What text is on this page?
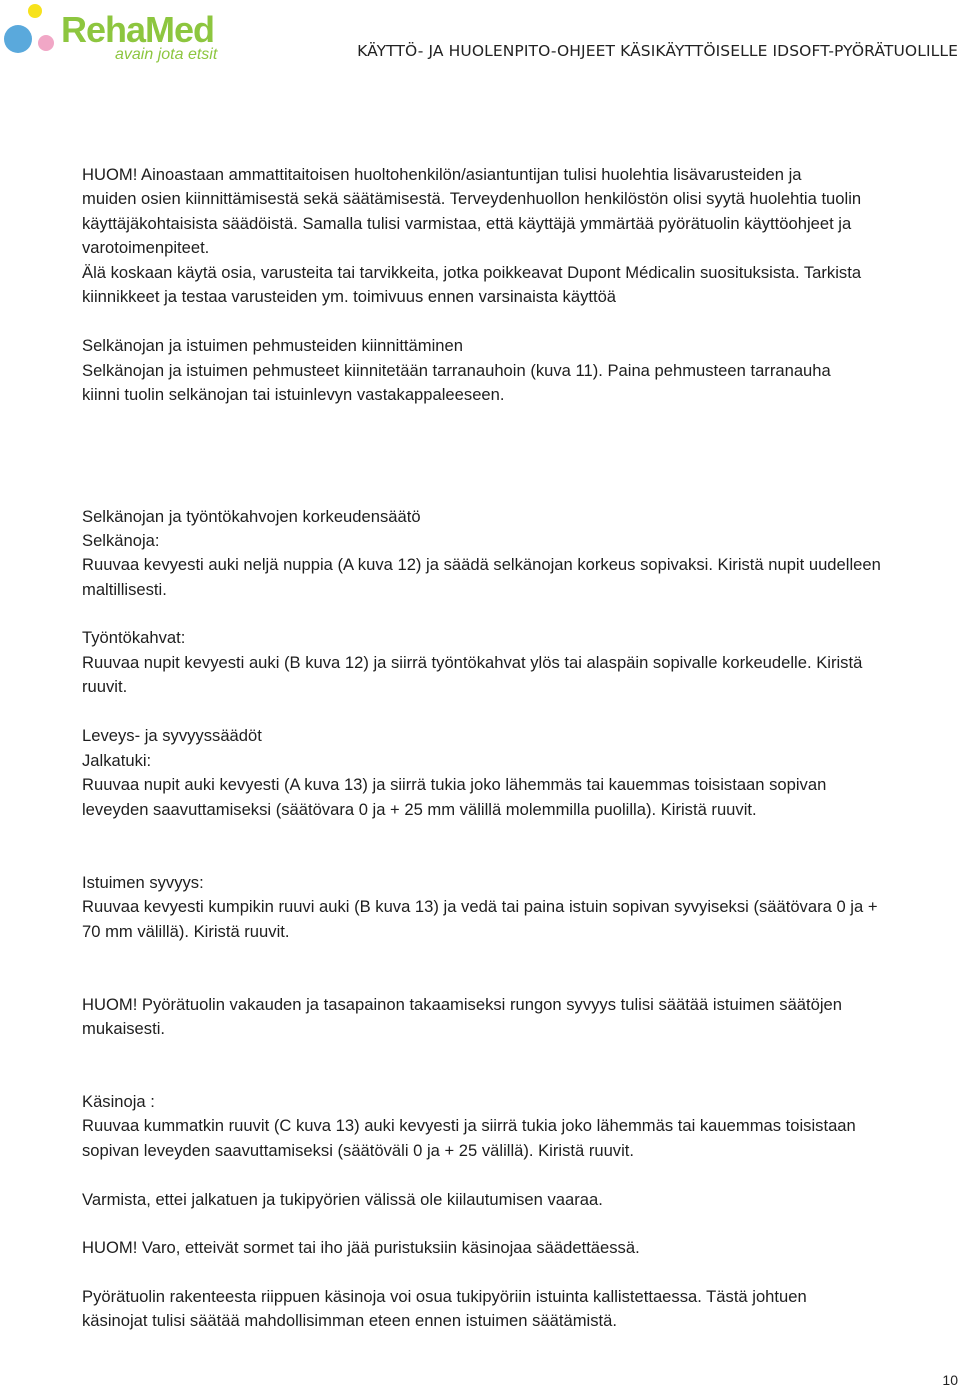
RehaMed
avain jota etsit	KÄYTTÖ- JA HUOLENPITO-OHJEET KÄSIKÄYTTÖISELLE IDSOFT-PYÖRÄTUOLILLE

HUOM! Ainoastaan ammattitaitoisen huoltohenkilön/asiantuntijan tulisi huolehtia lisävarusteiden ja

muiden osien kiinnittämisestä sekä säätämisestä. Terveydenhuollon henkilöstön olisi syytä huolehtia tuolin

käyttäjäkohtaisista säädöistä. Samalla tulisi varmistaa, että käyttäjä ymmärtää pyörätuolin käyttöohjeet ja

varotoimenpiteet.

Älä koskaan käytä osia, varusteita tai tarvikkeita, jotka poikkeavat Dupont Médicalin suosituksista. Tarkista

kiinnikkeet ja testaa varusteiden ym. toimivuus ennen varsinaista käyttöä

Selkänojan ja istuimen pehmusteiden kiinnittäminen

Selkänojan ja istuimen pehmusteet kiinnitetään tarranauhoin (kuva 11). Paina pehmusteen tarranauha

kiinni tuolin selkänojan tai istuinlevyn vastakappaleeseen.

Selkänojan ja työntökahvojen korkeudensäätö

Selkänoja:

Ruuvaa kevyesti auki neljä nuppia (A kuva 12) ja säädä selkänojan korkeus sopivaksi. Kiristä nupit uudelleen

maltillisesti.

Työntökahvat:

Ruuvaa nupit kevyesti auki (B kuva 12) ja siirrä työntökahvat ylös tai alaspäin sopivalle korkeudelle. Kiristä

ruuvit.

Leveys- ja syvyyssäädöt

Jalkatuki:

Ruuvaa nupit auki kevyesti (A kuva 13) ja siirrä tukia joko lähemmäs tai kauemmas toisistaan sopivan

leveyden saavuttamiseksi (säätövara 0 ja + 25 mm välillä molemmilla puolilla). Kiristä ruuvit.

Istuimen syvyys:

Ruuvaa kevyesti kumpikin ruuvi auki (B kuva 13) ja vedä tai paina istuin sopivan syvyiseksi (säätövara 0 ja +

70 mm välillä). Kiristä ruuvit.

HUOM! Pyörätuolin vakauden ja tasapainon takaamiseksi rungon syvyys tulisi säätää istuimen säätöjen

mukaisesti.

Käsinoja :

Ruuvaa kummatkin ruuvit (C kuva 13) auki kevyesti ja siirrä tukia joko lähemmäs tai kauemmas toisistaan

sopivan leveyden saavuttamiseksi (säätöväli 0 ja + 25 välillä). Kiristä ruuvit.

Varmista, ettei jalkatuen ja tukipyörien välissä ole kiilautumisen vaaraa.

HUOM! Varo, etteivät sormet tai iho jää puristuksiin käsinojaa säädettäessä.

Pyörätuolin rakenteesta riippuen käsinoja voi osua tukipyöriin istuinta kallistettaessa. Tästä johtuen

käsinojat tulisi säätää mahdollisimman eteen ennen istuimen säätämistä.

10
